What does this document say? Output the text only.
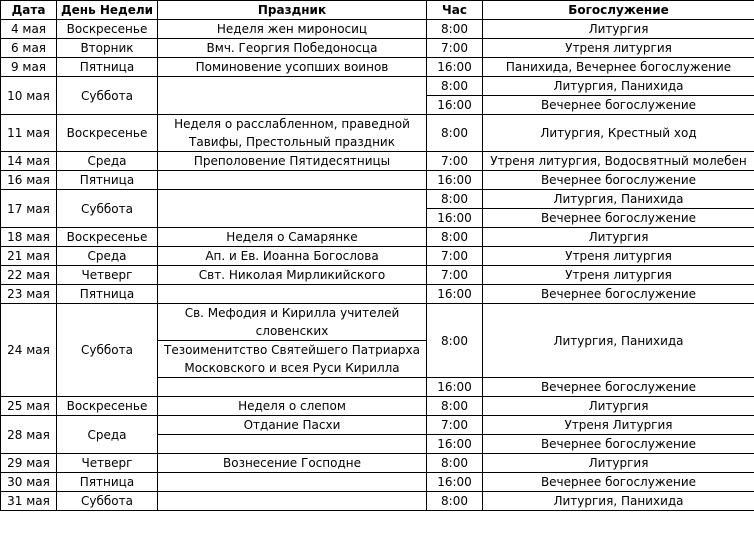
Дата	День Недели	Праздник	Час	Богослужение
4 мая	Воскресенье	Неделя жен мироносиц	8:00	Литургия
6 мая	Вторник	Вмч. Георгия Победоносца	7:00	Утреня литургия
9 мая	Пятница	Поминовение усопших воинов	16:00	Панихида, Вечернее богослужение
10 мая	Суббота		8:00	Литургия, Панихида
			16:00	Вечернее богослужение
11 мая	Воскресенье	Неделя о расслабленном, праведной	8:00	Литургия, Крестный ход
		Тавифы, Престольный праздник		
14 мая	Среда	Преполовение Пятидесятницы	7:00	Утреня литургия, Водосвятный молебен
16 мая	Пятница		16:00	Вечернее богослужение
17 мая	Суббота		8:00	Литургия, Панихида
			16:00	Вечернее богослужение
18 мая	Воскресенье	Неделя о Самарянке	8:00	Литургия
21 мая	Среда	Ап. и Ев. Иоанна Богослова	7:00	Утреня литургия
22 мая	Четверг	Свт. Николая Мирликийского	7:00	Утреня литургия
23 мая	Пятница		16:00	Вечернее богослужение
24 мая	Суббота	Св. Мефодия и Кирилла учителей	8:00	Литургия, Панихида
		словенских		
		Тезоименитство Святейшего Патриарха		
		Московского и всея Руси Кирилла		
			16:00	Вечернее богослужение
25 мая	Воскресенье	Неделя о слепом	8:00	Литургия
28 мая	Среда	Отдание Пасхи	7:00	Утреня Литургия
			16:00	Вечернее богослужение
29 мая	Четверг	Вознесение Господне	8:00	Литургия
30 мая	Пятница		16:00	Вечернее богослужение
31 мая	Суббота		8:00	Литургия, Панихида
